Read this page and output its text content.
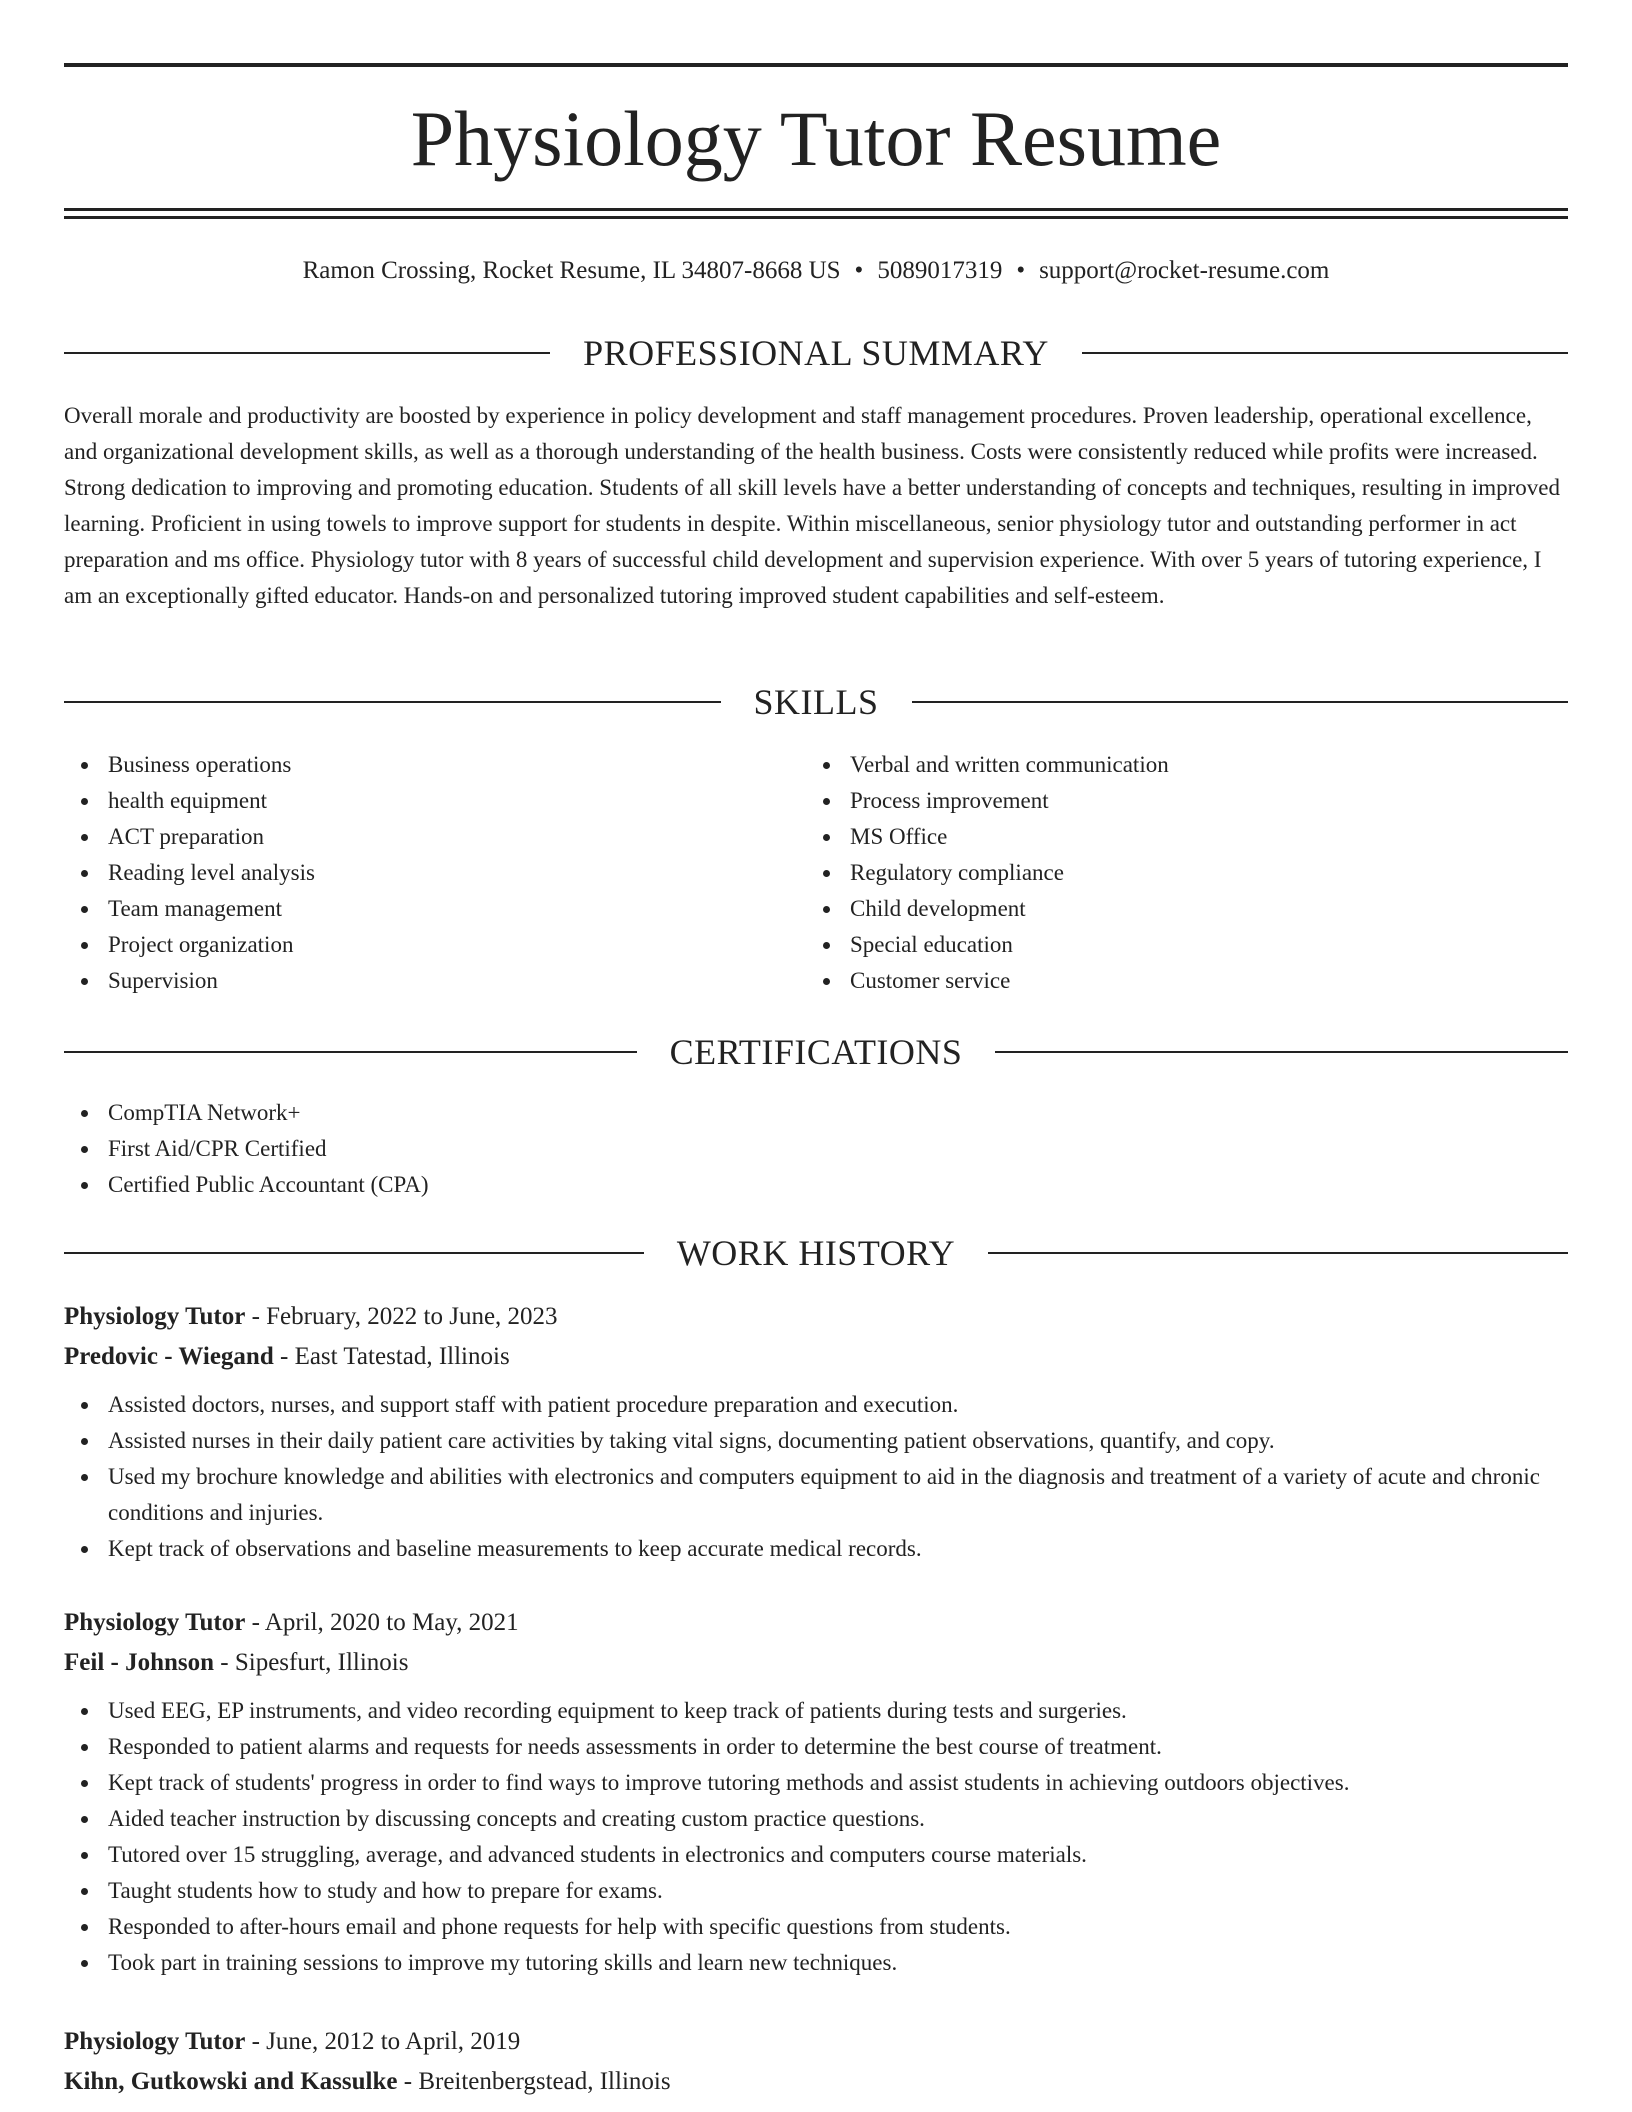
Physiology Tutor Resume
Ramon Crossing, Rocket Resume, IL 34807-8668 US • 5089017319 • support@rocket-resume.com
PROFESSIONAL SUMMARY

Overall morale and productivity are boosted by experience in policy development and staff management procedures. Proven leadership, operational excellence, and organizational development skills, as well as a thorough understanding of the health business. Costs were consistently reduced while profits were increased. Strong dedication to improving and promoting education. Students of all skill levels have a better understanding of concepts and techniques, resulting in improved learning. Proficient in using towels to improve support for students in despite. Within miscellaneous, senior physiology tutor and outstanding performer in act preparation and ms office. Physiology tutor with 8 years of successful child development and supervision experience. With over 5 years of tutoring experience, I am an exceptionally gifted educator. Hands-on and personalized tutoring improved student capabilities and self-esteem.

SKILLS
Business operations
health equipment
ACT preparation
Reading level analysis
Team management
Project organization
Supervision
Verbal and written communication
Process improvement
MS Office
Regulatory compliance
Child development
Special education
Customer service
CERTIFICATIONS
CompTIA Network+
First Aid/CPR Certified
Certified Public Accountant (CPA)
WORK HISTORY
Physiology Tutor - February, 2022 to June, 2023
Predovic - Wiegand - East Tatestad, Illinois
Assisted doctors, nurses, and support staff with patient procedure preparation and execution.
Assisted nurses in their daily patient care activities by taking vital signs, documenting patient observations, quantify, and copy.
Used my brochure knowledge and abilities with electronics and computers equipment to aid in the diagnosis and treatment of a variety of acute and chronic conditions and injuries.
Kept track of observations and baseline measurements to keep accurate medical records.
Physiology Tutor - April, 2020 to May, 2021
Feil - Johnson - Sipesfurt, Illinois
Used EEG, EP instruments, and video recording equipment to keep track of patients during tests and surgeries.
Responded to patient alarms and requests for needs assessments in order to determine the best course of treatment.
Kept track of students' progress in order to find ways to improve tutoring methods and assist students in achieving outdoors objectives.
Aided teacher instruction by discussing concepts and creating custom practice questions.
Tutored over 15 struggling, average, and advanced students in electronics and computers course materials.
Taught students how to study and how to prepare for exams.
Responded to after-hours email and phone requests for help with specific questions from students.
Took part in training sessions to improve my tutoring skills and learn new techniques.
Physiology Tutor - June, 2012 to April, 2019
Kihn, Gutkowski and Kassulke - Breitenbergstead, Illinois
